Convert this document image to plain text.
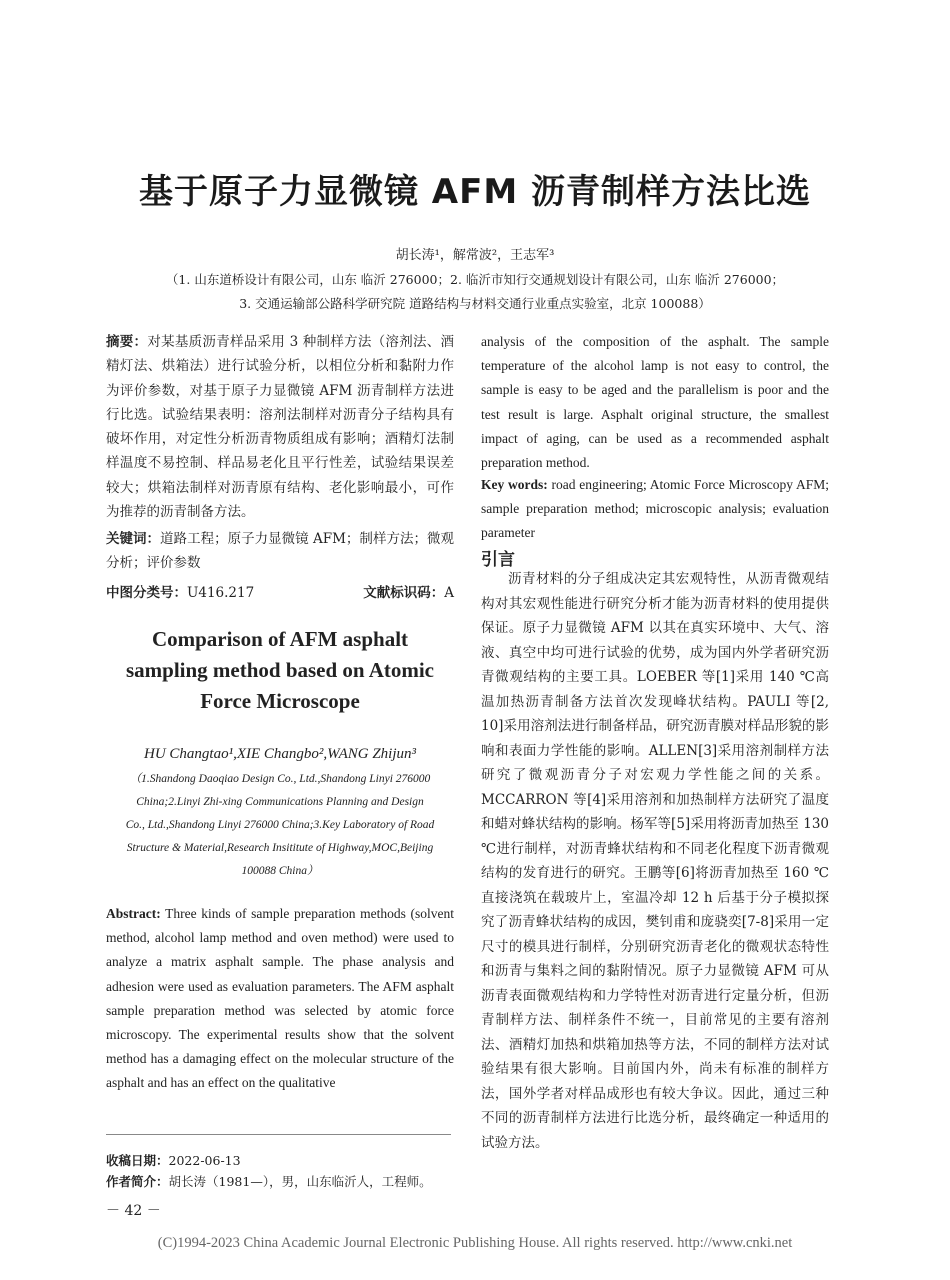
基于原子力显微镜 AFM 沥青制样方法比选
胡长涛¹，解常波²，王志军³
（1. 山东道桥设计有限公司，山东 临沂 276000；2. 临沂市知行交通规划设计有限公司，山东 临沂 276000；
3. 交通运输部公路科学研究院 道路结构与材料交通行业重点实验室，北京 100088）
摘要：对某基质沥青样品采用 3 种制样方法（溶剂法、酒精灯法、烘箱法）进行试验分析，以相位分析和黏附力作为评价参数，对基于原子力显微镜 AFM 沥青制样方法进行比选。试验结果表明：溶剂法制样对沥青分子结构具有破坏作用，对定性分析沥青物质组成有影响；酒精灯法制样温度不易控制、样品易老化且平行性差，试验结果误差较大；烘箱法制样对沥青原有结构、老化影响最小，可作为推荐的沥青制备方法。
关键词：道路工程；原子力显微镜 AFM；制样方法；微观分析；评价参数
中图分类号：U416.217	文献标识码：A
Comparison of AFM asphalt
sampling method based on Atomic
Force Microscope
HU Changtao¹,XIE Changbo²,WANG Zhijun³
（1.Shandong Daoqiao Design Co., Ltd.,Shandong Linyi 276000
China;2.Linyi Zhi-xing Communications Planning and Design
Co., Ltd.,Shandong Linyi 276000 China;3.Key Laboratory of Road
Structure & Material,Research Insititute of Highway,MOC,Beijing
100088 China）
Abstract: Three kinds of sample preparation methods (solvent method, alcohol lamp method and oven method) were used to analyze a matrix asphalt sample. The phase analysis and adhesion were used as evaluation parameters. The AFM asphalt sample preparation method was selected by atomic force microscopy. The experimental results show that the solvent method has a damaging effect on the molecular structure of the asphalt and has an effect on the qualitative
收稿日期：2022-06-13
作者简介：胡长涛（1981—），男，山东临沂人，工程师。
－ 42 －
analysis of the composition of the asphalt. The sample temperature of the alcohol lamp is not easy to control, the sample is easy to be aged and the parallelism is poor and the test result is large. Asphalt original structure, the smallest impact of aging, can be used as a recommended asphalt preparation method.
Key words: road engineering; Atomic Force Microscopy AFM; sample preparation method; microscopic analysis; evaluation parameter
引言
沥青材料的分子组成决定其宏观特性，从沥青微观结构对其宏观性能进行研究分析才能为沥青材料的使用提供保证。原子力显微镜 AFM 以其在真实环境中、大气、溶液、真空中均可进行试验的优势，成为国内外学者研究沥青微观结构的主要工具。LOEBER 等[1]采用 140 ℃高温加热沥青制备方法首次发现峰状结构。PAULI 等[2, 10]采用溶剂法进行制备样品，研究沥青膜对样品形貌的影响和表面力学性能的影响。ALLEN[3]采用溶剂制样方法研究了微观沥青分子对宏观力学性能之间的关系。MCCARRON 等[4]采用溶剂和加热制样方法研究了温度和蜡对蜂状结构的影响。杨军等[5]采用将沥青加热至 130 ℃进行制样，对沥青蜂状结构和不同老化程度下沥青微观结构的发育进行的研究。王鹏等[6]将沥青加热至 160 ℃直接浇筑在载玻片上，室温冷却 12 h 后基于分子模拟探究了沥青蜂状结构的成因，樊钊甫和庞骁奕[7-8]采用一定尺寸的模具进行制样，分别研究沥青老化的微观状态特性和沥青与集料之间的黏附情况。原子力显微镜 AFM 可从沥青表面微观结构和力学特性对沥青进行定量分析，但沥青制样方法、制样条件不统一，目前常见的主要有溶剂法、酒精灯加热和烘箱加热等方法，不同的制样方法对试验结果有很大影响。目前国内外，尚未有标准的制样方法，国外学者对样品成形也有较大争议。因此，通过三种不同的沥青制样方法进行比选分析，最终确定一种适用的试验方法。
(C)1994-2023 China Academic Journal Electronic Publishing House. All rights reserved. http://www.cnki.net
